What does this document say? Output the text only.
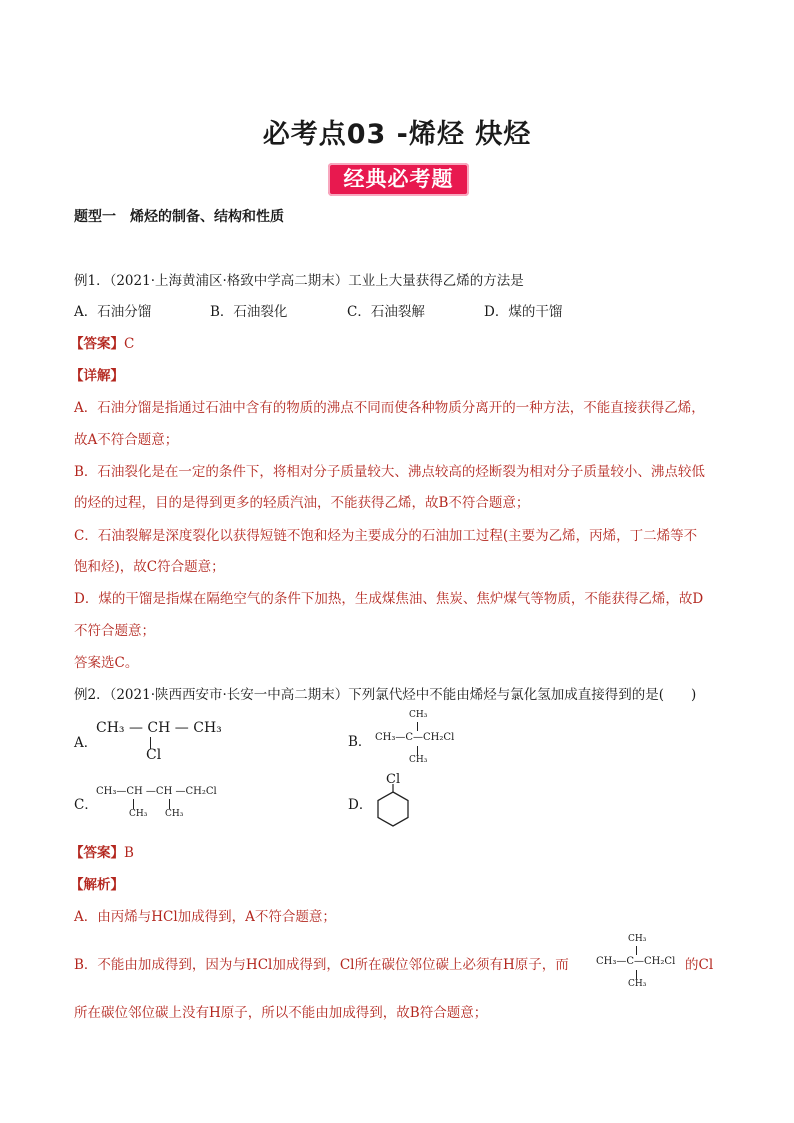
必考点03 -烯烃 炔烃
经典必考题
题型一　烯烃的制备、结构和性质
例1．（2021·上海黄浦区·格致中学高二期末）工业上大量获得乙烯的方法是
A．石油分馏	B．石油裂化	C．石油裂解	D．煤的干馏
【答案】C
【详解】
A．石油分馏是指通过石油中含有的物质的沸点不同而使各种物质分离开的一种方法，不能直接获得乙烯，
故A不符合题意；
B．石油裂化是在一定的条件下，将相对分子质量较大、沸点较高的烃断裂为相对分子质量较小、沸点较低
的烃的过程，目的是得到更多的轻质汽油，不能获得乙烯，故B不符合题意；
C．石油裂解是深度裂化以获得短链不饱和烃为主要成分的石油加工过程(主要为乙烯，丙烯，丁二烯等不
饱和烃)，故C符合题意；
D．煤的干馏是指煤在隔绝空气的条件下加热，生成煤焦油、焦炭、焦炉煤气等物质，不能获得乙烯，故D
不符合题意；
答案选C。
例2．（2021·陕西西安市·长安一中高二期末）下列氯代烃中不能由烯烃与氯化氢加成直接得到的是(　　)
A．
CH₃ — CH — CH₃
Cl
B．
CH₃
CH₃—C—CH₂Cl
CH₃
C．
CH₃—CH —CH —CH₂Cl
CH₃ CH₃
D．
Cl
【答案】B
【解析】
A．由丙烯与HCl加成得到，A不符合题意；
B．不能由加成得到，因为与HCl加成得到，Cl所在碳位邻位碳上必须有H原子，而
CH₃
CH₃—C—CH₂Cl
CH₃
的Cl
所在碳位邻位碳上没有H原子，所以不能由加成得到，故B符合题意；
